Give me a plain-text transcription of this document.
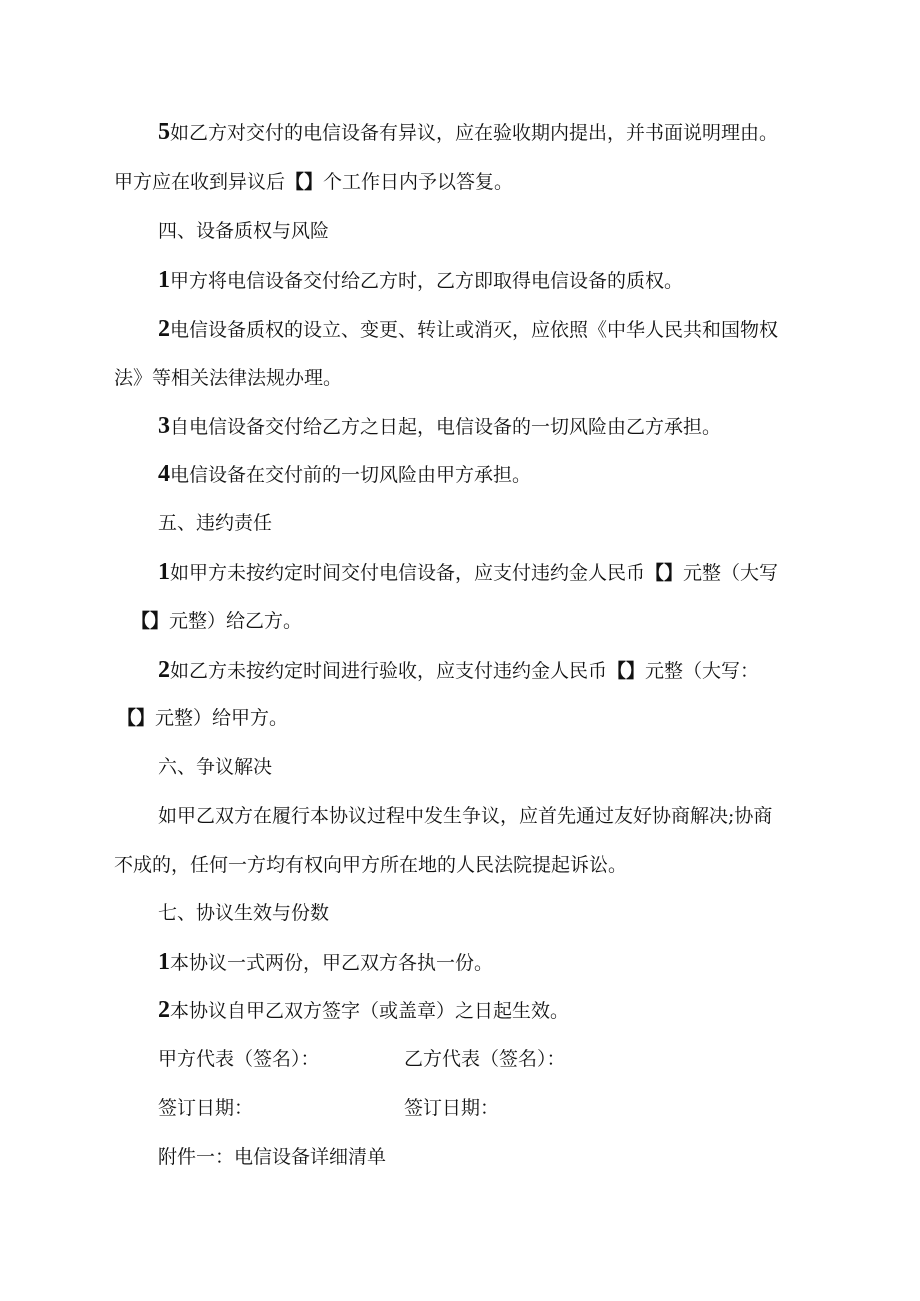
5如乙方对交付的电信设备有异议，应在验收期内提出，并书面说明理由。
甲方应在收到异议后【】个工作日内予以答复。
四、设备质权与风险
1甲方将电信设备交付给乙方时，乙方即取得电信设备的质权。
2电信设备质权的设立、变更、转让或消灭，应依照《中华人民共和国物权
法》等相关法律法规办理。
3自电信设备交付给乙方之日起，电信设备的一切风险由乙方承担。
4电信设备在交付前的一切风险由甲方承担。
五、违约责任
1如甲方未按约定时间交付电信设备，应支付违约金人民币【】元整（大写
【】元整）给乙方。
2如乙方未按约定时间进行验收，应支付违约金人民币【】元整（大写：
【】元整）给甲方。
六、争议解决
如甲乙双方在履行本协议过程中发生争议，应首先通过友好协商解决;协商
不成的，任何一方均有权向甲方所在地的人民法院提起诉讼。
七、协议生效与份数
1本协议一式两份，甲乙双方各执一份。
2本协议自甲乙双方签字（或盖章）之日起生效。
甲方代表（签名）：	乙方代表（签名）：
签订日期：	签订日期：
附件一：电信设备详细清单
